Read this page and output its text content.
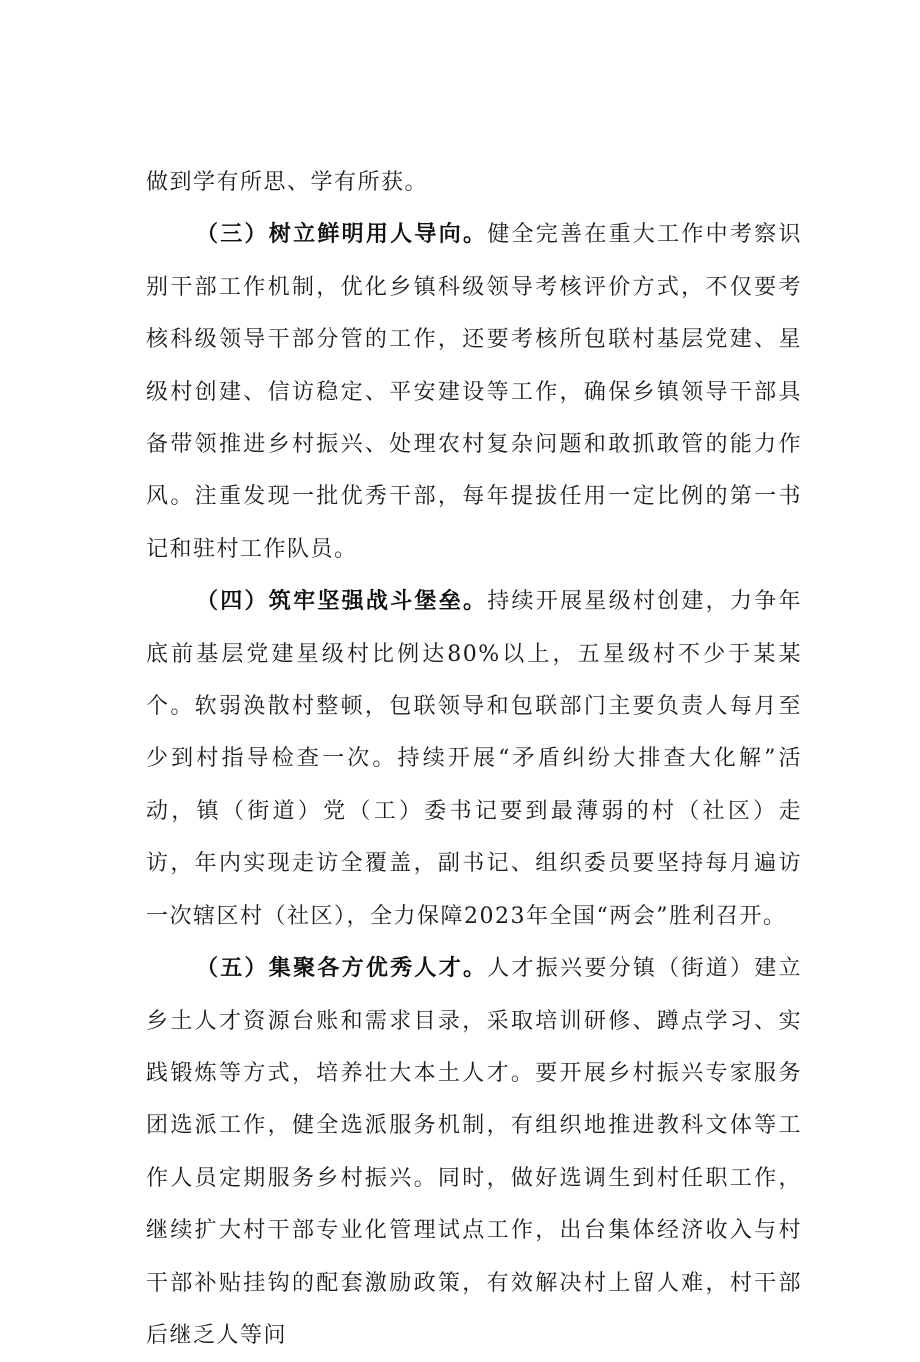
做到学有所思、学有所获。

（三）树立鲜明用人导向。健全完善在重大工作中考察识别干部工作机制，优化乡镇科级领导考核评价方式，不仅要考核科级领导干部分管的工作，还要考核所包联村基层党建、星级村创建、信访稳定、平安建设等工作，确保乡镇领导干部具备带领推进乡村振兴、处理农村复杂问题和敢抓敢管的能力作风。注重发现一批优秀干部，每年提拔任用一定比例的第一书记和驻村工作队员。

（四）筑牢坚强战斗堡垒。持续开展星级村创建，力争年底前基层党建星级村比例达80%以上，五星级村不少于某某个。软弱涣散村整顿，包联领导和包联部门主要负责人每月至少到村指导检查一次。持续开展“矛盾纠纷大排查大化解”活动，镇（街道）党（工）委书记要到最薄弱的村（社区）走访，年内实现走访全覆盖，副书记、组织委员要坚持每月遍访一次辖区村（社区），全力保障2023年全国“两会”胜利召开。

（五）集聚各方优秀人才。人才振兴要分镇（街道）建立乡土人才资源台账和需求目录，采取培训研修、蹲点学习、实践锻炼等方式，培养壮大本土人才。要开展乡村振兴专家服务团选派工作，健全选派服务机制，有组织地推进教科文体等工作人员定期服务乡村振兴。同时，做好选调生到村任职工作，继续扩大村干部专业化管理试点工作，出台集体经济收入与村干部补贴挂钩的配套激励政策，有效解决村上留人难，村干部后继乏人等问
